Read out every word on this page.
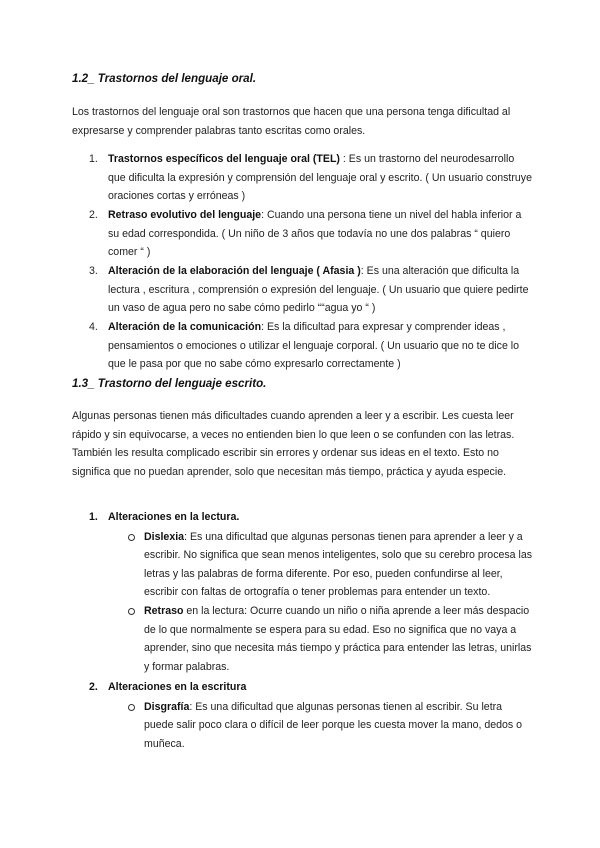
1.2_ Trastornos del lenguaje oral.

Los trastornos del lenguaje oral son trastornos que hacen que una persona tenga dificultad al expresarse y comprender palabras tanto escritas como orales.

1. Trastornos específicos del lenguaje oral (TEL) : Es un trastorno del neurodesarrollo que dificulta la expresión y comprensión del lenguaje oral y escrito. ( Un usuario construye oraciones cortas y erróneas )
2. Retraso evolutivo del lenguaje: Cuando una persona tiene un nivel del habla inferior a su edad correspondida. ( Un niño de 3 años que todavía no une dos palabras “ quiero comer “ )
3. Alteración de la elaboración del lenguaje ( Afasia ): Es una alteración que dificulta la lectura , escritura , comprensión o expresión del lenguaje. ( Un usuario que quiere pedirte un vaso de agua pero no sabe cómo pedirlo ““agua yo “ )
4. Alteración de la comunicación: Es la dificultad para expresar y comprender ideas , pensamientos o emociones o utilizar el lenguaje corporal. ( Un usuario que no te dice lo que le pasa por que no sabe cómo expresarlo correctamente )
1.3_ Trastorno del lenguaje escrito.

Algunas personas tienen más dificultades cuando aprenden a leer y a escribir. Les cuesta leer rápido y sin equivocarse, a veces no entienden bien lo que leen o se confunden con las letras. También les resulta complicado escribir sin errores y ordenar sus ideas en el texto. Esto no significa que no puedan aprender, solo que necesitan más tiempo, práctica y ayuda especie.

1. Alteraciones en la lectura.
Dislexia: Es una dificultad que algunas personas tienen para aprender a leer y a escribir. No significa que sean menos inteligentes, solo que su cerebro procesa las letras y las palabras de forma diferente. Por eso, pueden confundirse al leer, escribir con faltas de ortografía o tener problemas para entender un texto.
Retraso en la lectura: Ocurre cuando un niño o niña aprende a leer más despacio de lo que normalmente se espera para su edad. Eso no significa que no vaya a aprender, sino que necesita más tiempo y práctica para entender las letras, unirlas y formar palabras.
2. Alteraciones en la escritura
Disgrafía: Es una dificultad que algunas personas tienen al escribir. Su letra puede salir poco clara o difícil de leer porque les cuesta mover la mano, dedos o muñeca.
